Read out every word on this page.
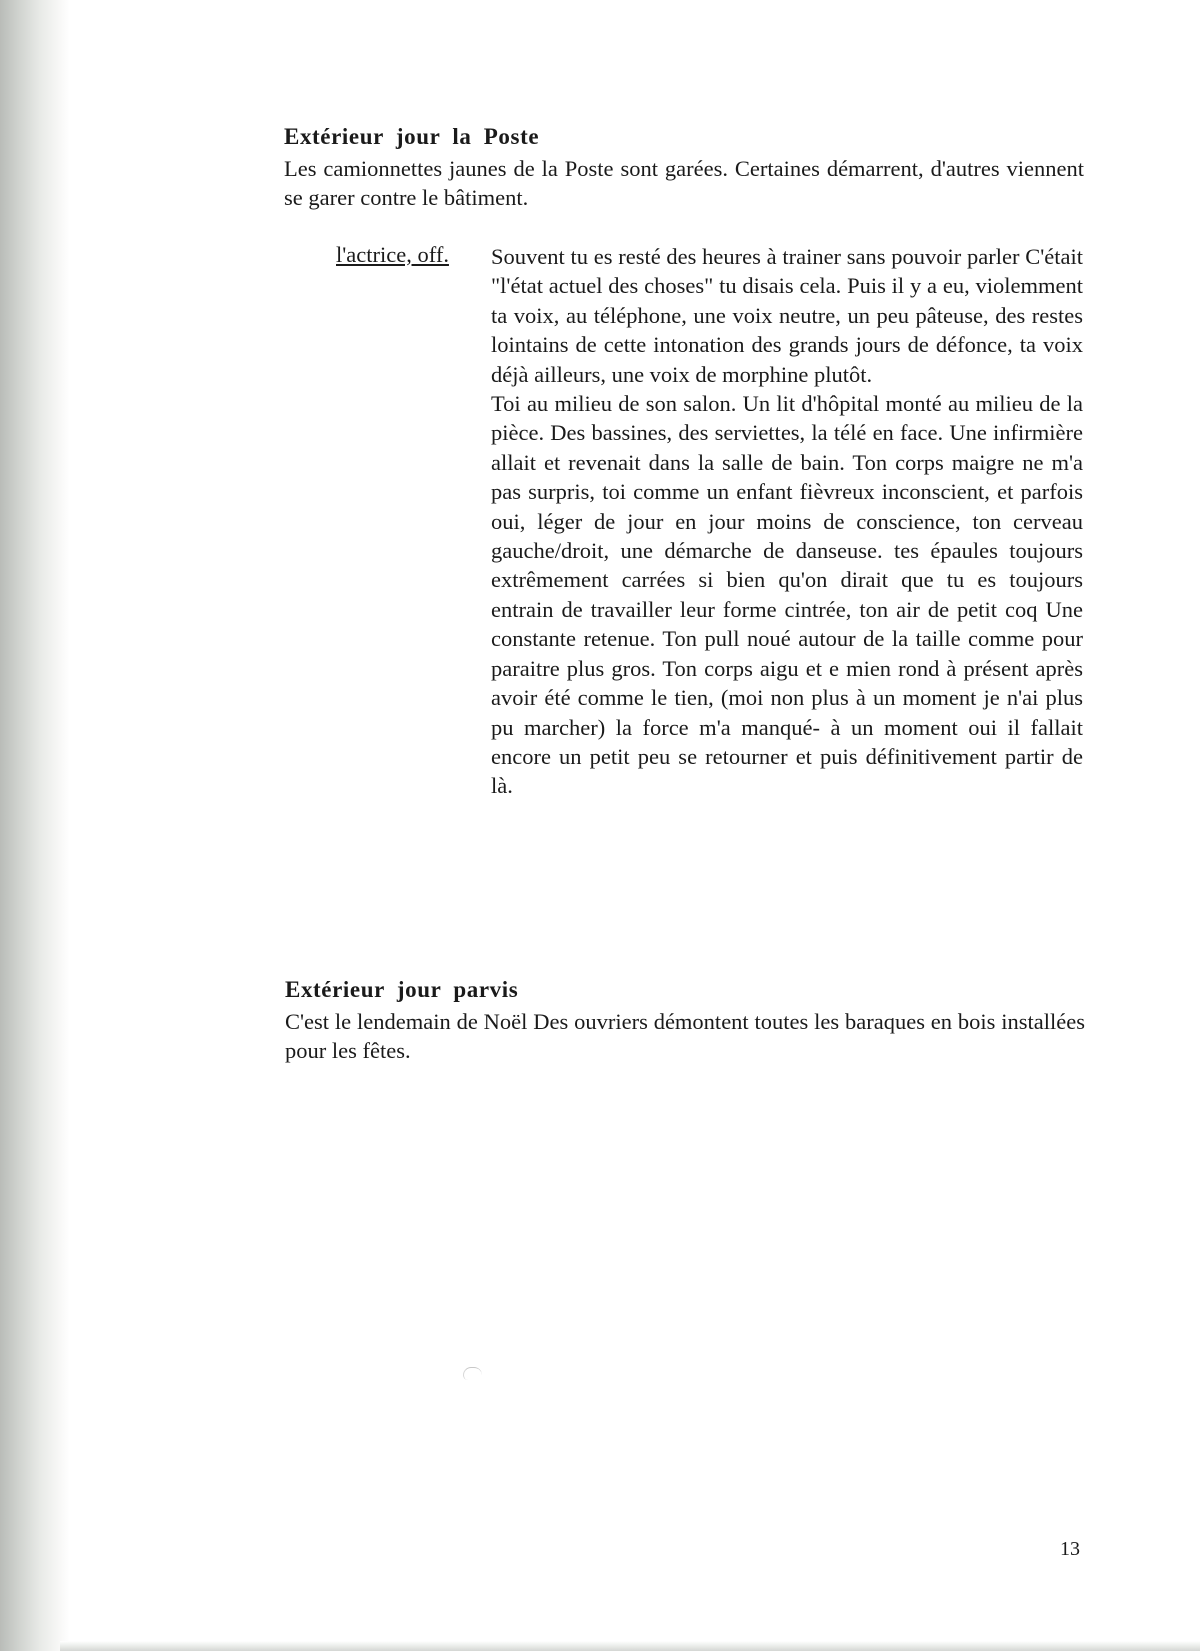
Extérieur jour la Poste

Les camionnettes jaunes de la Poste sont garées. Certaines démarrent, d'autres viennent se garer contre le bâtiment.

l'actrice, off. Souvent tu es resté des heures à trainer sans pouvoir parler C'était "l'état actuel des choses" tu disais cela. Puis il y a eu, violemment ta voix, au téléphone, une voix neutre, un peu pâteuse, des restes lointains de cette intonation des grands jours de défonce, ta voix déjà ailleurs, une voix de morphine plutôt.

Toi au milieu de son salon. Un lit d'hôpital monté au milieu de la pièce. Des bassines, des serviettes, la télé en face. Une infirmière allait et revenait dans la salle de bain. Ton corps maigre ne m'a pas surpris, toi comme un enfant fièvreux inconscient, et parfois oui, léger de jour en jour moins de conscience, ton cerveau gauche/droit, une démarche de danseuse. tes épaules toujours extrêmement carrées si bien qu'on dirait que tu es toujours entrain de travailler leur forme cintrée, ton air de petit coq Une constante retenue. Ton pull noué autour de la taille comme pour paraitre plus gros. Ton corps aigu et e mien rond à présent après avoir été comme le tien, (moi non plus à un moment je n'ai plus pu marcher) la force m'a manqué- à un moment oui il fallait encore un petit peu se retourner et puis définitivement partir de là.

Extérieur jour parvis

C'est le lendemain de Noël Des ouvriers démontent toutes les baraques en bois installées pour les fêtes.

13
